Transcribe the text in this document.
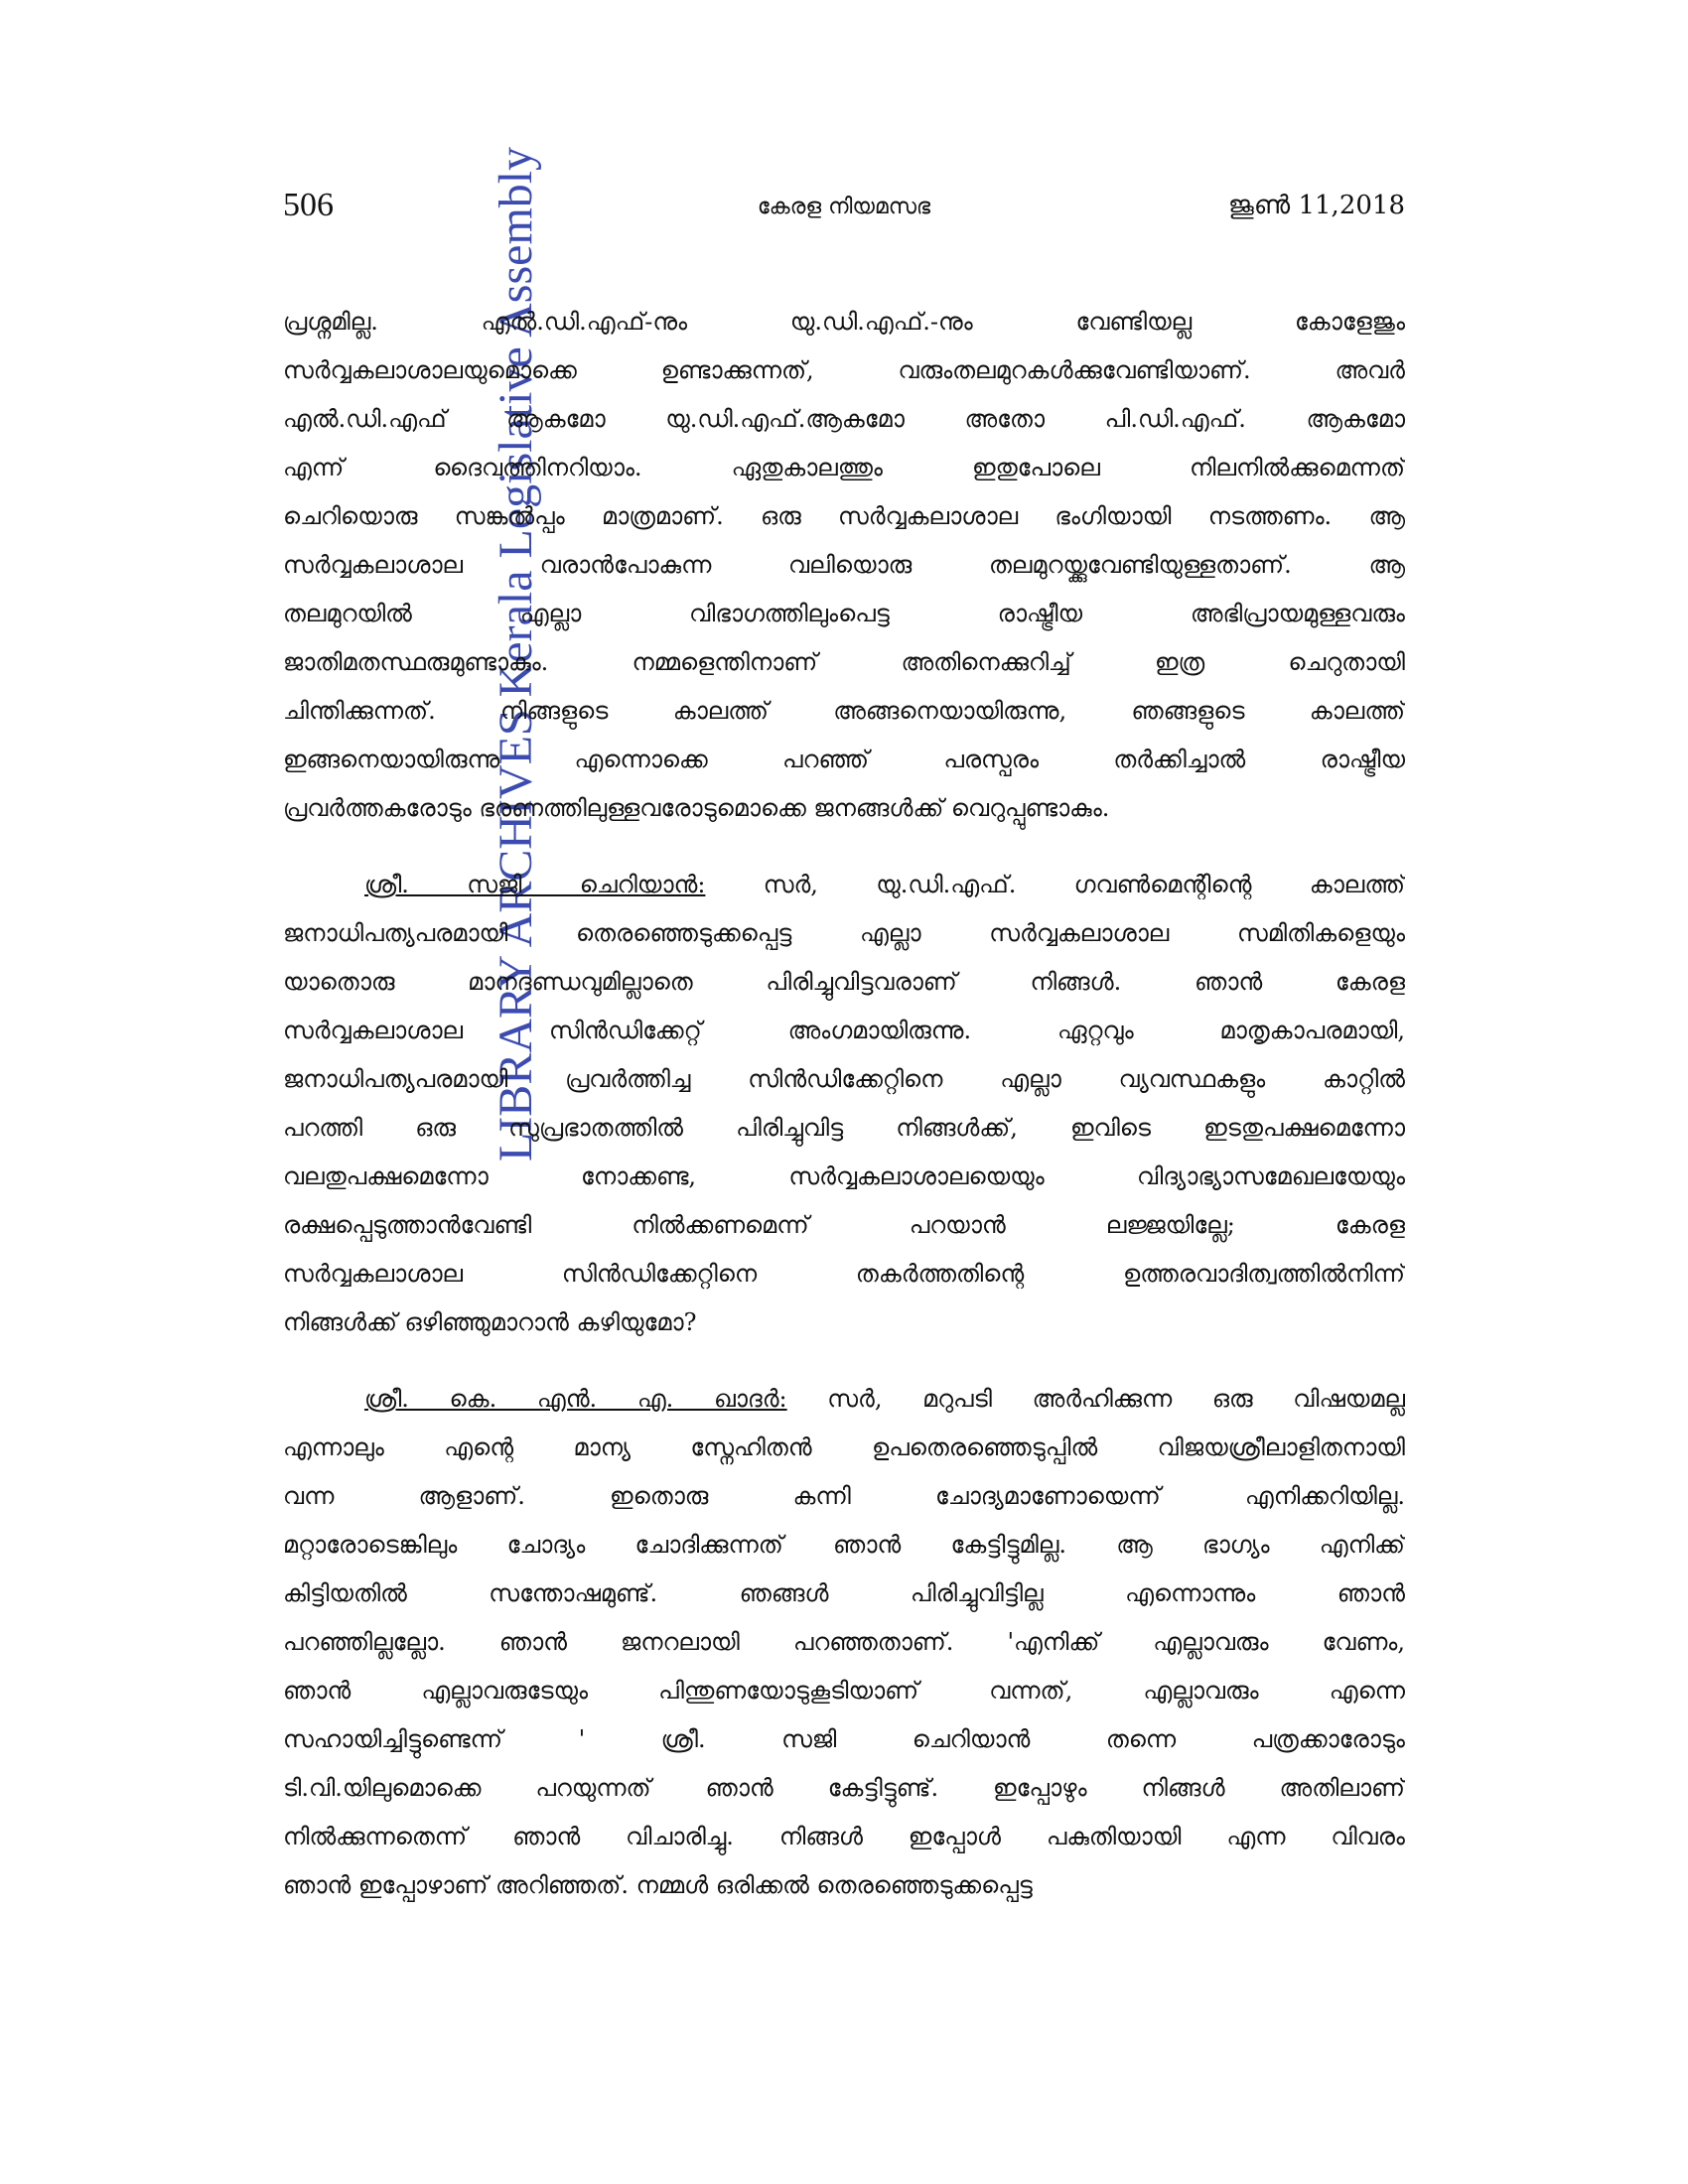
LIBRARY ARCHIVES Kerala Legislative Assembly
506	കേരള നിയമസഭ	ജൂൺ 11,2018
പ്രശ്നമില്ല. എൽ.ഡി.എഫ്-നും യു.ഡി.എഫ്.-നും വേണ്ടിയല്ല കോളേജും
സർവ്വകലാശാലയുമൊക്കെ ഉണ്ടാക്കുന്നത്, വരുംതലമുറകൾക്കുവേണ്ടിയാണ്. അവർ
എൽ.ഡി.എഫ് ആകമോ യു.ഡി.എഫ്.ആകമോ അതോ പി.ഡി.എഫ്. ആകമോ
എന്ന് ദൈവത്തിനറിയാം. ഏതുകാലത്തും ഇതുപോലെ നിലനിൽക്കുമെന്നത്
ചെറിയൊരു സങ്കൽപ്പം മാത്രമാണ്. ഒരു സർവ്വകലാശാല ഭംഗിയായി നടത്തണം. ആ
സർവ്വകലാശാല വരാൻപോകുന്ന വലിയൊരു തലമുറയ്ക്കുവേണ്ടിയുള്ളതാണ്. ആ
തലമുറയിൽ എല്ലാ വിഭാഗത്തിലുംപെട്ട രാഷ്ട്രീയ അഭിപ്രായമുള്ളവരും
ജാതിമതസ്ഥരുമുണ്ടാകും. നമ്മളെന്തിനാണ് അതിനെക്കുറിച്ച് ഇത്ര ചെറുതായി
ചിന്തിക്കുന്നത്. നിങ്ങളുടെ കാലത്ത് അങ്ങനെയായിരുന്നു, ഞങ്ങളുടെ കാലത്ത്
ഇങ്ങനെയായിരുന്നു എന്നൊക്കെ പറഞ്ഞ് പരസ്പരം തർക്കിച്ചാൽ രാഷ്ട്രീയ
പ്രവർത്തകരോടും ഭരണത്തിലുള്ളവരോടുമൊക്കെ ജനങ്ങൾക്ക് വെറുപ്പുണ്ടാകും.
ശ്രീ. സജി ചെറിയാൻ: സർ, യു.ഡി.എഫ്. ഗവൺമെന്റിന്റെ കാലത്ത്
ജനാധിപത്യപരമായി തെരഞ്ഞെടുക്കപ്പെട്ട എല്ലാ സർവ്വകലാശാല സമിതികളെയും
യാതൊരു മാനദണ്ഡവുമില്ലാതെ പിരിച്ചുവിട്ടവരാണ് നിങ്ങൾ. ഞാൻ കേരള
സർവ്വകലാശാല സിൻഡിക്കേറ്റ് അംഗമായിരുന്നു. ഏറ്റവും മാതൃകാപരമായി,
ജനാധിപത്യപരമായി പ്രവർത്തിച്ച സിൻഡിക്കേറ്റിനെ എല്ലാ വ്യവസ്ഥകളും കാറ്റിൽ
പറത്തി ഒരു സുപ്രഭാതത്തിൽ പിരിച്ചുവിട്ട നിങ്ങൾക്ക്, ഇവിടെ ഇടതുപക്ഷമെന്നോ
വലതുപക്ഷമെന്നോ നോക്കണ്ട, സർവ്വകലാശാലയെയും വിദ്യാഭ്യാസമേഖലയേയും
രക്ഷപ്പെടുത്താൻവേണ്ടി നിൽക്കണമെന്ന് പറയാൻ ലജ്ജയില്ലേ; കേരള
സർവ്വകലാശാല സിൻഡിക്കേറ്റിനെ തകർത്തതിന്റെ ഉത്തരവാദിത്വത്തിൽനിന്ന്
നിങ്ങൾക്ക് ഒഴിഞ്ഞുമാറാൻ കഴിയുമോ?
ശ്രീ. കെ. എൻ. എ. ഖാദർ: സർ, മറുപടി അർഹിക്കുന്ന ഒരു വിഷയമല്ല
എന്നാലും എന്റെ മാന്യ സ്നേഹിതൻ ഉപതെരഞ്ഞെടുപ്പിൽ വിജയശ്രീലാളിതനായി
വന്ന ആളാണ്. ഇതൊരു കന്നി ചോദ്യമാണോയെന്ന് എനിക്കറിയില്ല.
മറ്റാരോടെങ്കിലും ചോദ്യം ചോദിക്കുന്നത് ഞാൻ കേട്ടിട്ടുമില്ല. ആ ഭാഗ്യം എനിക്ക്
കിട്ടിയതിൽ സന്തോഷമുണ്ട്. ഞങ്ങൾ പിരിച്ചുവിട്ടില്ല എന്നൊന്നും ഞാൻ
പറഞ്ഞില്ലല്ലോ. ഞാൻ ജനറലായി പറഞ്ഞതാണ്. 'എനിക്ക് എല്ലാവരും വേണം,
ഞാൻ എല്ലാവരുടേയും പിന്തുണയോടുകൂടിയാണ് വന്നത്, എല്ലാവരും എന്നെ
സഹായിച്ചിട്ടുണ്ടെന്ന് ' ശ്രീ. സജി ചെറിയാൻ തന്നെ പത്രക്കാരോടും
ടി.വി.യിലുമൊക്കെ പറയുന്നത് ഞാൻ കേട്ടിട്ടുണ്ട്. ഇപ്പോഴും നിങ്ങൾ അതിലാണ്
നിൽക്കുന്നതെന്ന് ഞാൻ വിചാരിച്ചു. നിങ്ങൾ ഇപ്പോൾ പകുതിയായി എന്ന വിവരം
ഞാൻ ഇപ്പോഴാണ് അറിഞ്ഞത്. നമ്മൾ ഒരിക്കൽ തെരഞ്ഞെടുക്കപ്പെട്ട
